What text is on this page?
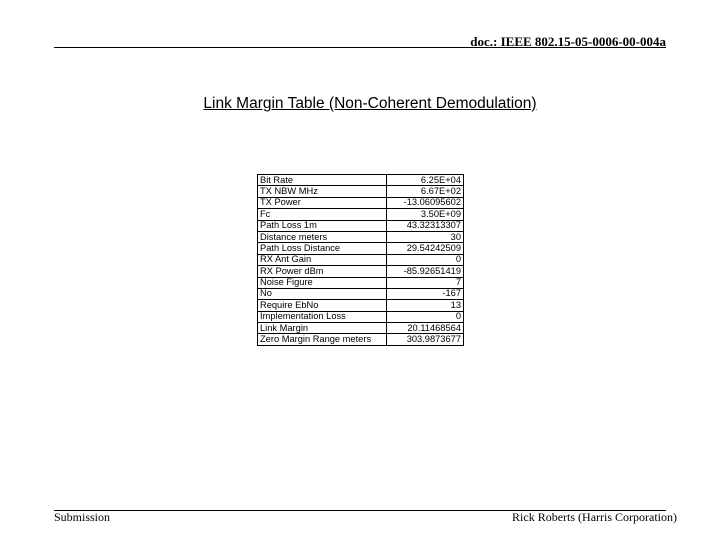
doc.: IEEE 802.15-05-0006-00-004a
Link Margin Table (Non-Coherent Demodulation)
Bit Rate	6.25E+04
TX NBW MHz	6.67E+02
TX Power	-13.06095602
Fc	3.50E+09
Path Loss 1m	43.32313307
Distance meters	30
Path Loss Distance	29.54242509
RX Ant Gain	0
RX Power dBm	-85.92651419
Noise Figure	7
No	-167
Require EbNo	13
Implementation Loss	0
Link Margin	20.11468564
Zero Margin Range meters	303.9873677
Submission	Rick Roberts (Harris Corporation)
